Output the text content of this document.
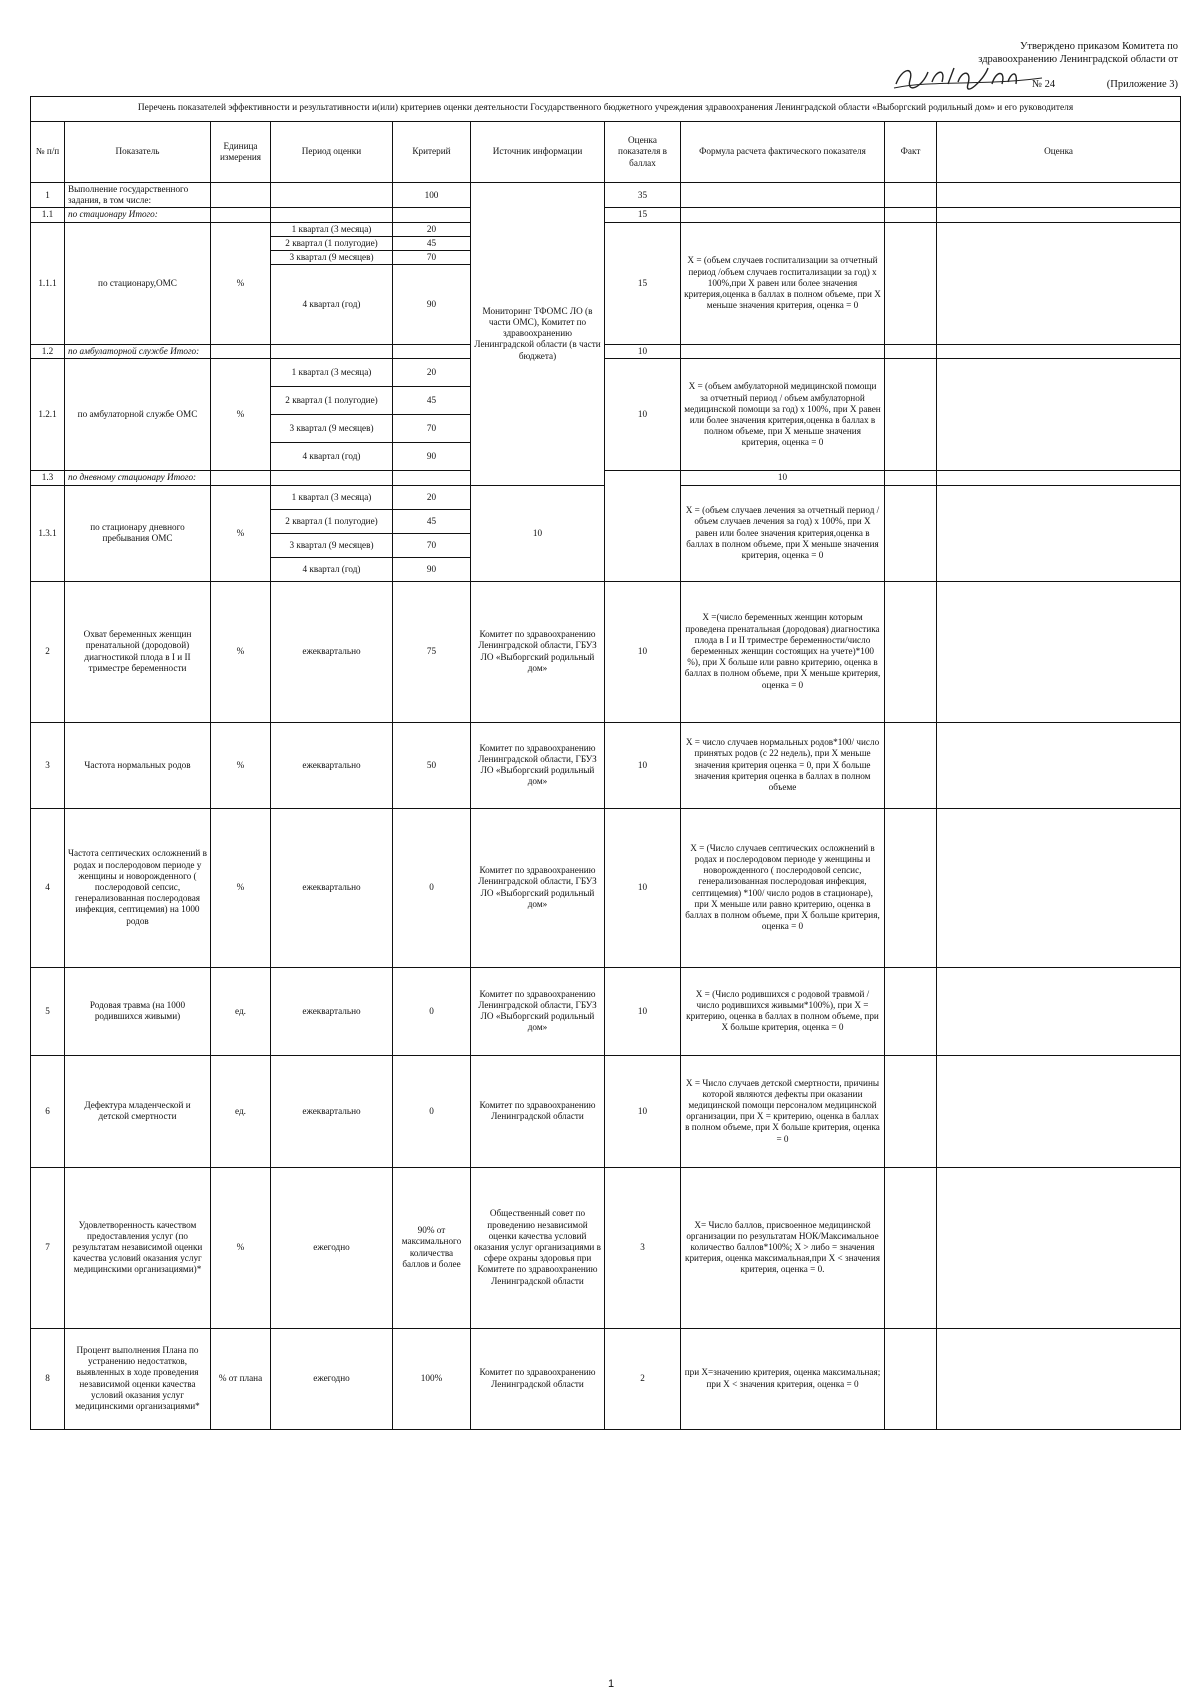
Утверждено приказом Комитета по
здравоохранению Ленинградской области от
№ 24	(Приложение 3)
Перечень показателей эффективности и результативности и(или) критериев оценки деятельности Государственного бюджетного учреждения здравоохранения Ленинградской области «Выборгский родильный дом» и его руководителя										
№ п/п	Показатель	Единица измерения	Период оценки	Критерий	Источник информации	Оценка показателя в баллах	Формула расчета фактического показателя	Факт	Оценка	
1	Выполнение государственного задания, в том числе:			100	Мониторинг ТФОМС ЛО (в части ОМС), Комитет по здравоохранению Ленинградской области (в части бюджета)	35				
1.1	по стационару Итого:					15				
1.1.1	по стационару,ОМС	%	1 квартал (3 месяца)	20		15	X = (объем случаев госпитализации за отчетный период /объем случаев госпитализации за год) x 100%,при X равен или более значения критерия,оценка в баллах в полном объеме, при X меньше значения критерия, оценка = 0			
			2 квартал (1 полугодие)	45						
			3 квартал (9 месяцев)	70						
			4 квартал (год)	90						
1.2	по амбулаторной службе Итого:					10				
1.2.1	по амбулаторной службе ОМС	%	1 квартал (3 месяца)	20		10	X = (объем амбулаторной медицинской помощи за отчетный период / объем амбулаторной медицинской помощи за год) x 100%, при X равен или более значения критерия,оценка в баллах в полном объеме, при X меньше значения критерия, оценка = 0			
			2 квартал (1 полугодие)	45						
			3 квартал (9 месяцев)	70						
			4 квартал (год)	90						
1.3	по дневному стационару Итого:						10			
1.3.1	по стационару дневного пребывания ОМС	%	1 квартал (3 месяца)	20	10		X = (объем случаев лечения за отчетный период / объем случаев лечения за год) x 100%, при X равен или более значения критерия,оценка в баллах в полном объеме, при X меньше значения критерия, оценка = 0			
			2 квартал (1 полугодие)	45						
			3 квартал (9 месяцев)	70						
			4 квартал (год)	90						
2	Охват беременных женщин пренатальной (дородовой) диагностикой плода в I и II триместре беременности	%	ежеквартально	75	Комитет по здравоохранению Ленинградской области, ГБУЗ ЛО «Выборгский родильный дом»	10	X =(число беременных женщин которым проведена пренатальная (дородовая) диагностика плода в I и II триместре беременности/число беременных женщин состоящих на учете)*100 %), при X больше или равно критерию, оценка в баллах в полном объеме, при X меньше критерия, оценка = 0			
3	Частота нормальных родов	%	ежеквартально	50	Комитет по здравоохранению Ленинградской области, ГБУЗ ЛО «Выборгский родильный дом»	10	X = число случаев нормальных родов*100/ число принятых родов (с 22 недель), при X меньше значения критерия оценка = 0, при X больше значения критерия оценка в баллах в полном объеме			
4	Частота септических осложнений в родах и послеродовом периоде у женщины и новорожденного ( послеродовой сепсис, генерализованная послеродовая инфекция, септицемия) на 1000 родов	%	ежеквартально	0	Комитет по здравоохранению Ленинградской области, ГБУЗ ЛО «Выборгский родильный дом»	10	X = (Число случаев септических осложнений в родах и послеродовом периоде у женщины и новорожденного ( послеродовой сепсис, генерализованная послеродовая инфекция, септицемия) *100/ число родов в стационаре), при X меньше или равно критерию, оценка в баллах в полном объеме, при X больше критерия, оценка = 0			
5	Родовая травма (на 1000 родившихся живыми)	ед.	ежеквартально	0	Комитет по здравоохранению Ленинградской области, ГБУЗ ЛО «Выборгский родильный дом»	10	X = (Число родившихся с родовой травмой / число родившихся живыми*100%), при X = критерию, оценка в баллах в полном объеме, при X больше критерия, оценка = 0			
6	Дефектура младенческой и детской смертности	ед.	ежеквартально	0	Комитет по здравоохранению Ленинградской области	10	X = Число случаев детской смертности, причины которой являются дефекты при оказании медицинской помощи персоналом медицинской организации, при X = критерию, оценка в баллах в полном объеме, при X больше критерия, оценка = 0			
7	Удовлетворенность качеством предоставления услуг (по результатам независимой оценки качества условий оказания услуг медицинскими организациями)*	%	ежегодно	90% от максимального количества баллов и более	Общественный совет по проведению независимой оценки качества условий оказания услуг организациями в сфере охраны здоровья при Комитете по здравоохранению Ленинградской области	3	X= Число баллов, присвоенное медицинской организации по результатам НОК/Максимальное количество баллов*100%; X > либо = значения критерия, оценка максимальная,при X < значения критерия, оценка = 0.			
8	Процент выполнения Плана по устранению недостатков, выявленных в ходе проведения независимой оценки качества условий оказания услуг медицинскими организациями*	% от плана	ежегодно	100%	Комитет по здравоохранению Ленинградской области	2	при X=значению критерия, оценка максимальная; при X < значения критерия, оценка = 0			
1
